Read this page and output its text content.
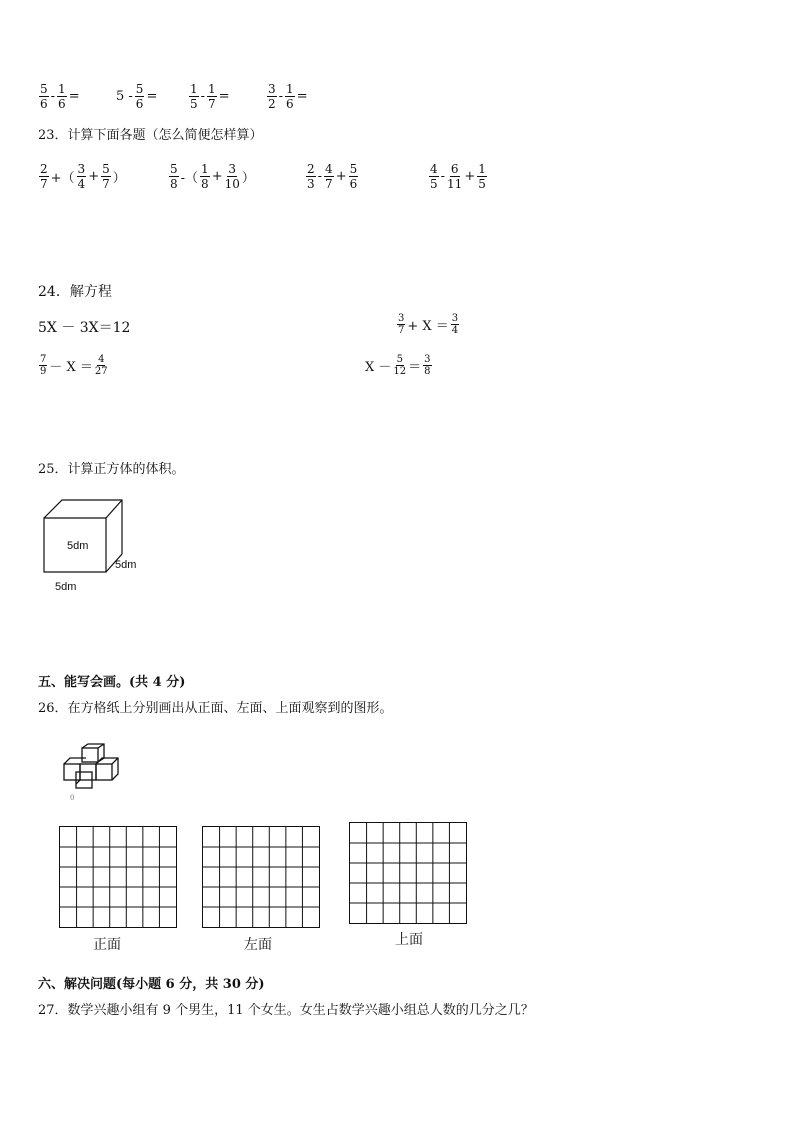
$\frac{5}{6} - \frac{1}{6}$ =	$5 - \frac{5}{6}$ =	$\frac{1}{5} - \frac{1}{7}$ =	$\frac{3}{2} - \frac{1}{6}$ =
23．计算下面各题（怎么简便怎样算）
$\frac{2}{7}$ +（ $\frac{3}{4} + \frac{5}{7}$ ）	$\frac{5}{8}$ -（ $\frac{1}{8} + \frac{3}{10}$ ）	$\frac{2}{3} - \frac{4}{7} + \frac{5}{6}$	$\frac{4}{5} - \frac{6}{11} + \frac{1}{5}$
24．解方程
5X － 3X＝12	$\frac{3}{7} + X = \frac{3}{4}$
$\frac{7}{9} - X = \frac{4}{27}$	$X - \frac{5}{12} = \frac{3}{8}$
25．计算正方体的体积。
5dm
5dm
5dm
五、能写会画。(共 4 分)
26．在方格纸上分别画出从正面、左面、上面观察到的图形。
0
正面	左面	上面
六、解决问题(每小题 6 分，共 30 分)
27．数学兴趣小组有 9 个男生，11 个女生。女生占数学兴趣小组总人数的几分之几？
